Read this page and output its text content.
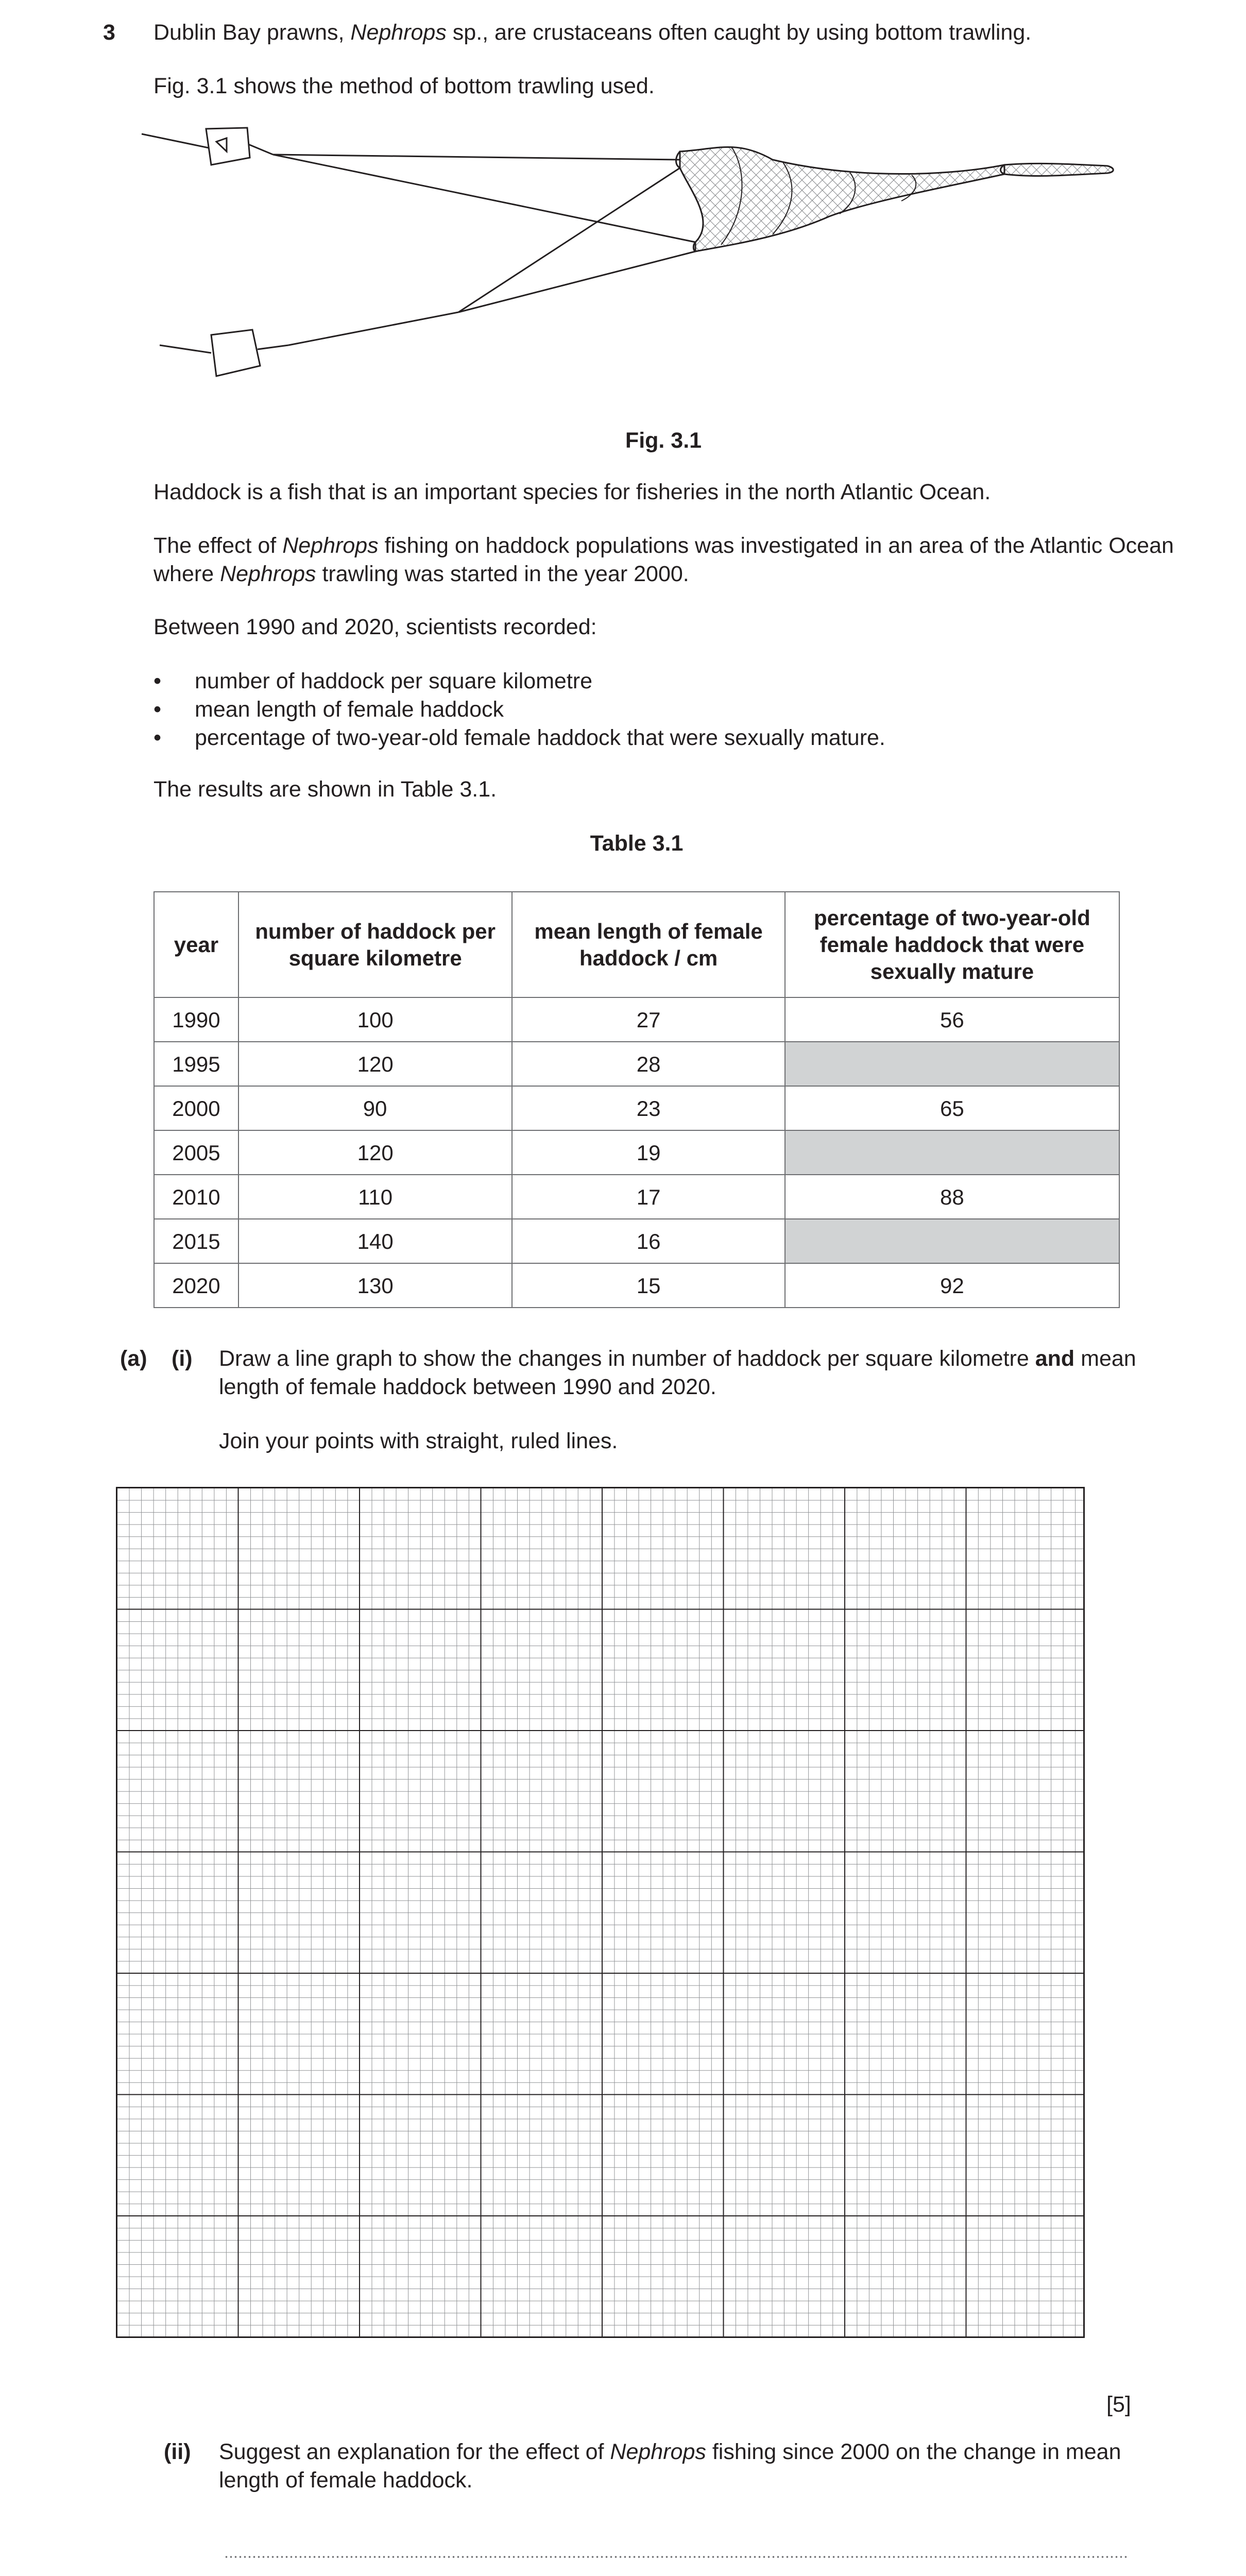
3 Dublin Bay prawns, Nephrops sp., are crustaceans often caught by using bottom trawling.

Fig. 3.1 shows the method of bottom trawling used.

Fig. 3.1

Haddock is a fish that is an important species for fisheries in the north Atlantic Ocean.

The effect of Nephrops fishing on haddock populations was investigated in an area of the Atlantic Ocean where Nephrops trawling was started in the year 2000.

Between 1990 and 2020, scientists recorded:

• number of haddock per square kilometre
• mean length of female haddock
• percentage of two-year-old female haddock that were sexually mature.

The results are shown in Table 3.1.

Table 3.1
year	number of haddock per square kilometre	mean length of female haddock / cm	percentage of two-year-old female haddock that were sexually mature
1990	100	27	56
1995	120	28	
2000	90	23	65
2005	120	19	
2010	110	17	88
2015	140	16	
2020	130	15	92
(a) (i) Draw a line graph to show the changes in number of haddock per square kilometre and mean length of female haddock between 1990 and 2020.

Join your points with straight, ruled lines.

[5]
(ii) Suggest an explanation for the effect of Nephrops fishing since 2000 on the change in mean length of female haddock.
